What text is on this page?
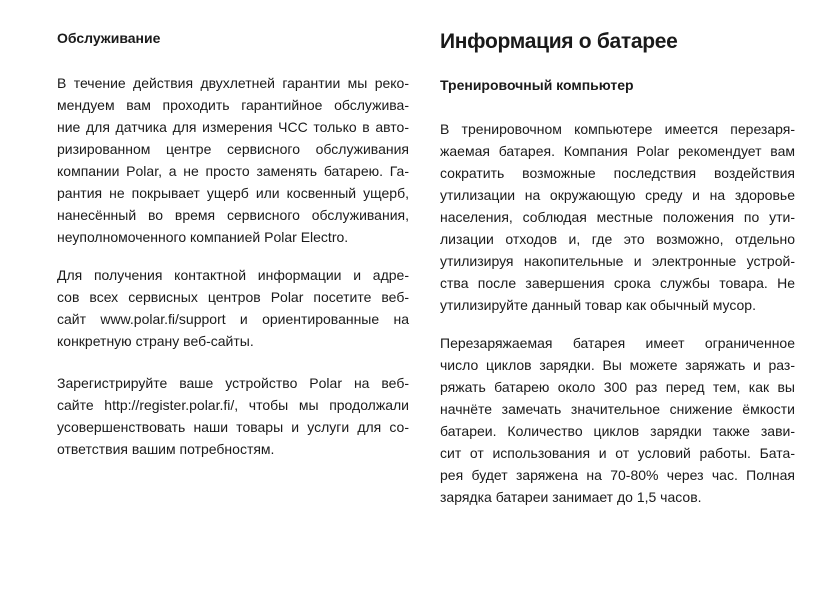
Обслуживание
В течение действия двухлетней гарантии мы реко-
мендуем вам проходить гарантийное обслужива-
ние для датчика для измерения ЧСС только в авто-
ризированном центре сервисного обслуживания
компании Polar, а не просто заменять батарею. Га-
рантия не покрывает ущерб или косвенный ущерб,
нанесённый во время сервисного обслуживания,
неуполномоченного компанией Polar Electro.
Для получения контактной информации и адре-
сов всех сервисных центров Polar посетите веб-
сайт www.polar.fi/support и ориентированные на
конкретную страну веб-сайты.
Зарегистрируйте ваше устройство Polar на веб-
сайте http://register.polar.fi/, чтобы мы продолжали
усовершенствовать наши товары и услуги для со-
ответствия вашим потребностям.
Информация о батарее
Тренировочный компьютер
В тренировочном компьютере имеется перезаря-
жаемая батарея. Компания Polar рекомендует вам
сократить возможные последствия воздействия
утилизации на окружающую среду и на здоровье
населения, соблюдая местные положения по ути-
лизации отходов и, где это возможно, отдельно
утилизируя накопительные и электронные устрой-
ства после завершения срока службы товара. Не
утилизируйте данный товар как обычный мусор.
Перезаряжаемая батарея имеет ограниченное
число циклов зарядки. Вы можете заряжать и раз-
ряжать батарею около 300 раз перед тем, как вы
начнёте замечать значительное снижение ёмкости
батареи. Количество циклов зарядки также зави-
сит от использования и от условий работы. Бата-
рея будет заряжена на 70-80% через час. Полная
зарядка батареи занимает до 1,5 часов.
